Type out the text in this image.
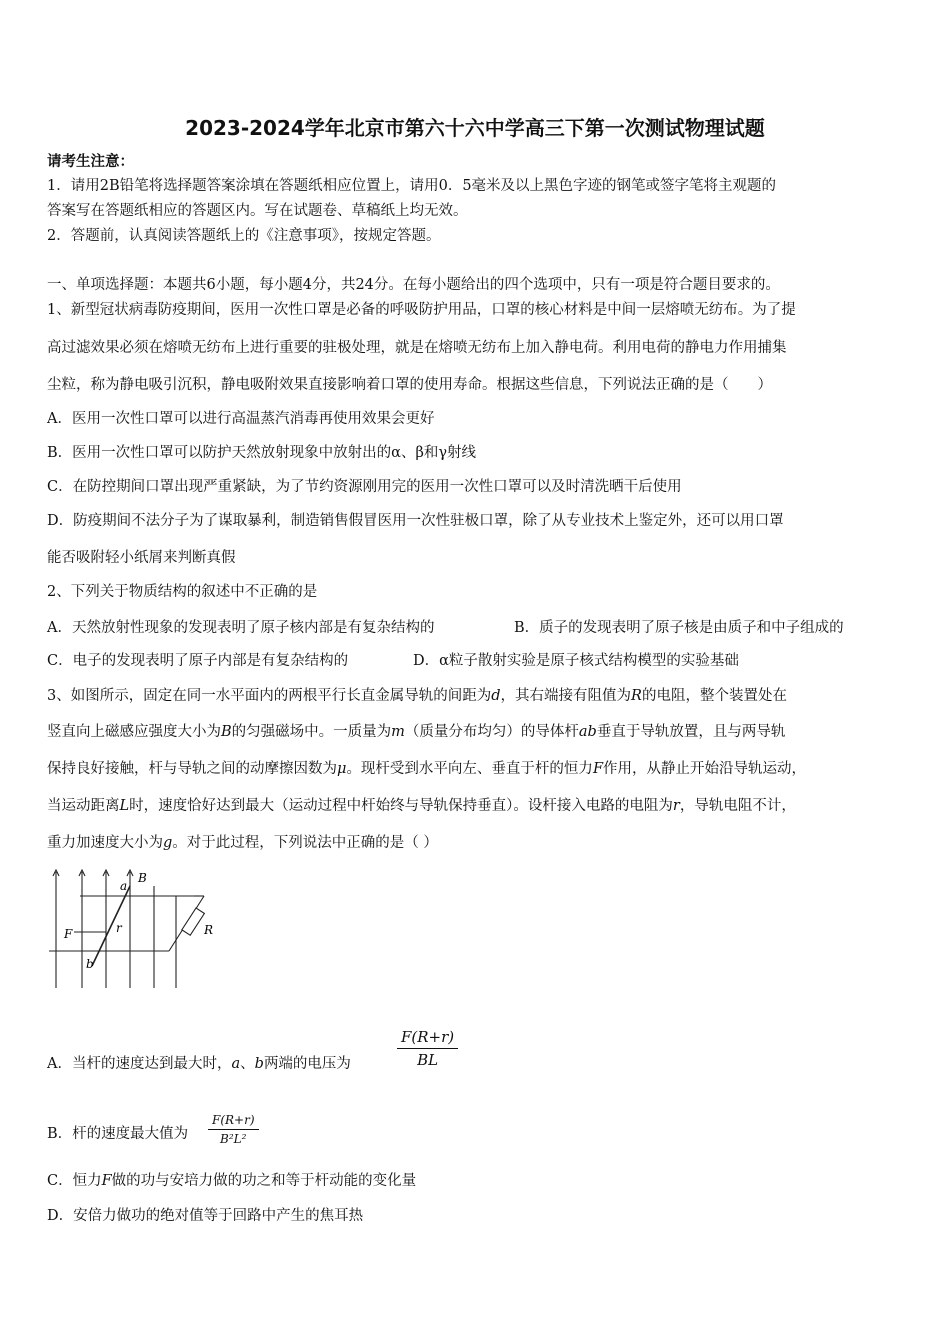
2023-2024学年北京市第六十六中学高三下第一次测试物理试题
请考生注意：
1．请用2B铅笔将选择题答案涂填在答题纸相应位置上，请用0．5毫米及以上黑色字迹的钢笔或签字笔将主观题的
答案写在答题纸相应的答题区内。写在试题卷、草稿纸上均无效。
2．答题前，认真阅读答题纸上的《注意事项》，按规定答题。
一、单项选择题：本题共6小题，每小题4分，共24分。在每小题给出的四个选项中，只有一项是符合题目要求的。
1、新型冠状病毒防疫期间，医用一次性口罩是必备的呼吸防护用品，口罩的核心材料是中间一层熔喷无纺布。为了提
高过滤效果必须在熔喷无纺布上进行重要的驻极处理，就是在熔喷无纺布上加入静电荷。利用电荷的静电力作用捕集
尘粒，称为静电吸引沉积，静电吸附效果直接影响着口罩的使用寿命。根据这些信息，下列说法正确的是（　　）
A．医用一次性口罩可以进行高温蒸汽消毒再使用效果会更好
B．医用一次性口罩可以防护天然放射现象中放射出的α、β和γ射线
C．在防控期间口罩出现严重紧缺，为了节约资源刚用完的医用一次性口罩可以及时清洗晒干后使用
D．防疫期间不法分子为了谋取暴利，制造销售假冒医用一次性驻极口罩，除了从专业技术上鉴定外，还可以用口罩
能否吸附轻小纸屑来判断真假
2、下列关于物质结构的叙述中不正确的是
A．天然放射性现象的发现表明了原子核内部是有复杂结构的	B．质子的发现表明了原子核是由质子和中子组成的
C．电子的发现表明了原子内部是有复杂结构的	D．α粒子散射实验是原子核式结构模型的实验基础
3、如图所示，固定在同一水平面内的两根平行长直金属导轨的间距为d，其右端接有阻值为R的电阻，整个装置处在
竖直向上磁感应强度大小为B的匀强磁场中。一质量为m（质量分布均匀）的导体杆ab垂直于导轨放置，且与两导轨
保持良好接触，杆与导轨之间的动摩擦因数为μ。现杆受到水平向左、垂直于杆的恒力F作用，从静止开始沿导轨运动，
当运动距离L时，速度恰好达到最大（运动过程中杆始终与导轨保持垂直）。设杆接入电路的电阻为r，导轨电阻不计，
重力加速度大小为g。对于此过程，下列说法中正确的是（ ）
a
B
F	r
b
R
A．当杆的速度达到最大时，a、b两端的电压为	$\frac{F(R+r)}{BL}$
B．杆的速度最大值为	$\frac{F(R+r)}{\text{B²L²}}$
C．恒力F做的功与安培力做的功之和等于杆动能的变化量
D．安倍力做功的绝对值等于回路中产生的焦耳热
